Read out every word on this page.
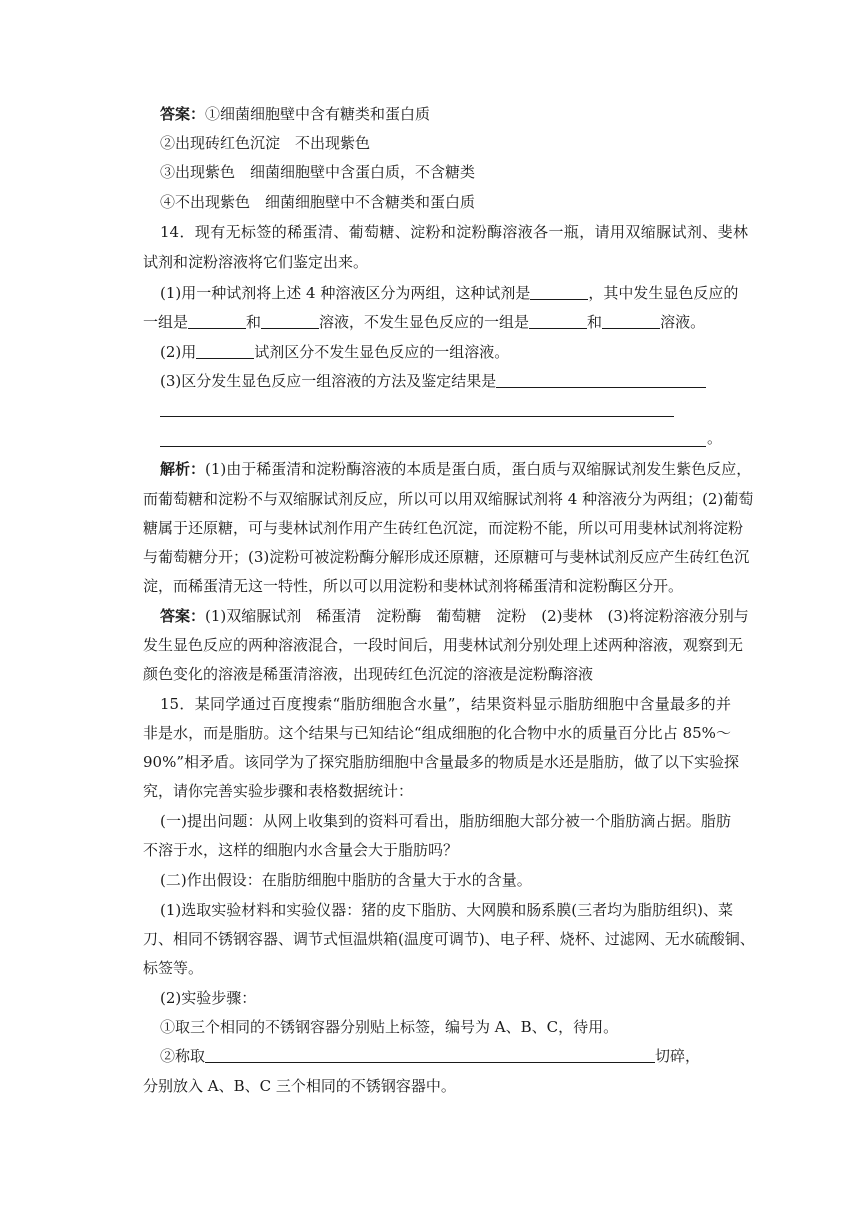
答案：①细菌细胞壁中含有糖类和蛋白质
②出现砖红色沉淀　不出现紫色
③出现紫色　细菌细胞壁中含蛋白质，不含糖类
④不出现紫色　细菌细胞壁中不含糖类和蛋白质
14．现有无标签的稀蛋清、葡萄糖、淀粉和淀粉酶溶液各一瓶，请用双缩脲试剂、斐林
试剂和淀粉溶液将它们鉴定出来。
(1)用一种试剂将上述 4 种溶液区分为两组，这种试剂是	，其中发生显色反应的
一组是	和	溶液，不发生显色反应的一组是	和	溶液。
(2)用	试剂区分不发生显色反应的一组溶液。
(3)区分发生显色反应一组溶液的方法及鉴定结果是
。
解析：(1)由于稀蛋清和淀粉酶溶液的本质是蛋白质，蛋白质与双缩脲试剂发生紫色反应，
而葡萄糖和淀粉不与双缩脲试剂反应，所以可以用双缩脲试剂将 4 种溶液分为两组；(2)葡萄
糖属于还原糖，可与斐林试剂作用产生砖红色沉淀，而淀粉不能，所以可用斐林试剂将淀粉
与葡萄糖分开；(3)淀粉可被淀粉酶分解形成还原糖，还原糖可与斐林试剂反应产生砖红色沉
淀，而稀蛋清无这一特性，所以可以用淀粉和斐林试剂将稀蛋清和淀粉酶区分开。
答案：(1)双缩脲试剂　稀蛋清　淀粉酶　葡萄糖　淀粉　(2)斐林　(3)将淀粉溶液分别与
发生显色反应的两种溶液混合，一段时间后，用斐林试剂分别处理上述两种溶液，观察到无
颜色变化的溶液是稀蛋清溶液，出现砖红色沉淀的溶液是淀粉酶溶液
15．某同学通过百度搜索“脂肪细胞含水量”，结果资料显示脂肪细胞中含量最多的并
非是水，而是脂肪。这个结果与已知结论“组成细胞的化合物中水的质量百分比占 85%～
90%”相矛盾。该同学为了探究脂肪细胞中含量最多的物质是水还是脂肪，做了以下实验探
究，请你完善实验步骤和表格数据统计：
(一)提出问题：从网上收集到的资料可看出，脂肪细胞大部分被一个脂肪滴占据。脂肪
不溶于水，这样的细胞内水含量会大于脂肪吗？
(二)作出假设：在脂肪细胞中脂肪的含量大于水的含量。
(1)选取实验材料和实验仪器：猪的皮下脂肪、大网膜和肠系膜(三者均为脂肪组织)、菜
刀、相同不锈钢容器、调节式恒温烘箱(温度可调节)、电子秤、烧杯、过滤网、无水硫酸铜、
标签等。
(2)实验步骤：
①取三个相同的不锈钢容器分别贴上标签，编号为 A、B、C，待用。
②称取	切碎，
分别放入 A、B、C 三个相同的不锈钢容器中。
